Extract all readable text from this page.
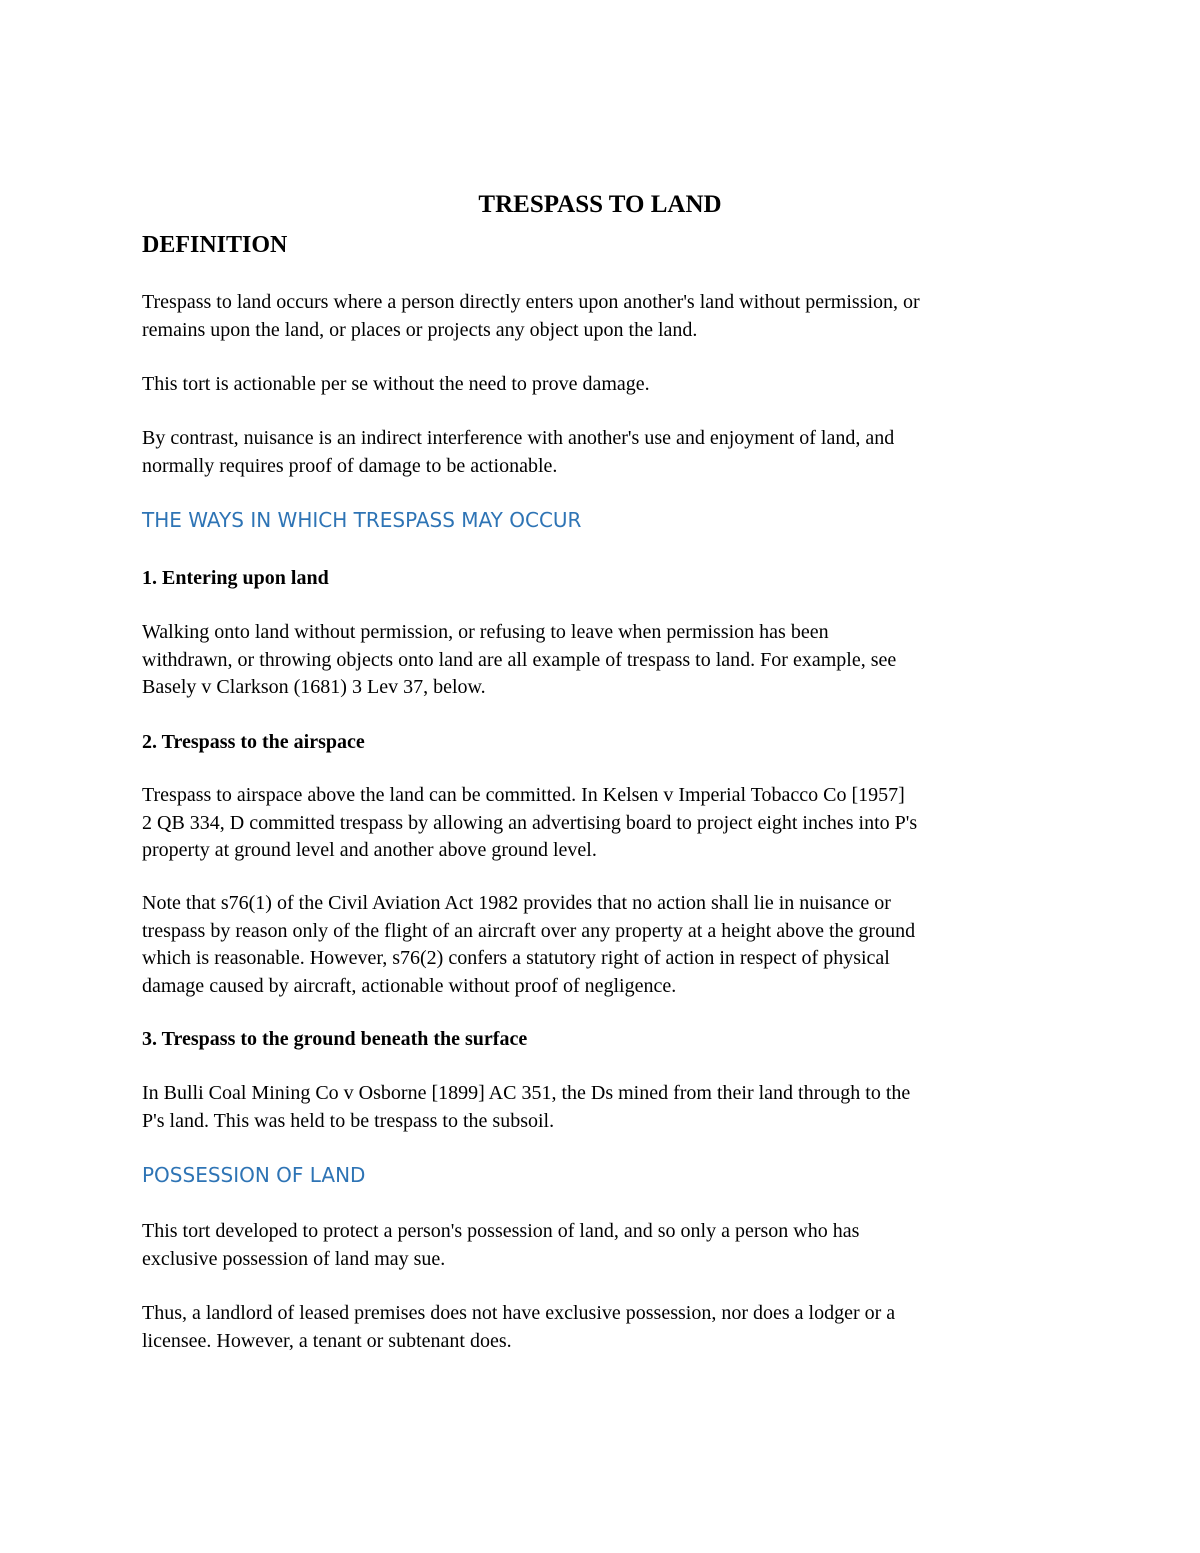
TRESPASS TO LAND
DEFINITION

Trespass to land occurs where a person directly enters upon another's land without permission, or
remains upon the land, or places or projects any object upon the land.

This tort is actionable per se without the need to prove damage.

By contrast, nuisance is an indirect interference with another's use and enjoyment of land, and
normally requires proof of damage to be actionable.

THE WAYS IN WHICH TRESPASS MAY OCCUR
1. Entering upon land

Walking onto land without permission, or refusing to leave when permission has been
withdrawn, or throwing objects onto land are all example of trespass to land. For example, see
Basely v Clarkson (1681) 3 Lev 37, below.

2. Trespass to the airspace

Trespass to airspace above the land can be committed. In Kelsen v Imperial Tobacco Co [1957]
2 QB 334, D committed trespass by allowing an advertising board to project eight inches into P's
property at ground level and another above ground level.

Note that s76(1) of the Civil Aviation Act 1982 provides that no action shall lie in nuisance or
trespass by reason only of the flight of an aircraft over any property at a height above the ground
which is reasonable. However, s76(2) confers a statutory right of action in respect of physical
damage caused by aircraft, actionable without proof of negligence.

3. Trespass to the ground beneath the surface

In Bulli Coal Mining Co v Osborne [1899] AC 351, the Ds mined from their land through to the
P's land. This was held to be trespass to the subsoil.

POSSESSION OF LAND

This tort developed to protect a person's possession of land, and so only a person who has
exclusive possession of land may sue.

Thus, a landlord of leased premises does not have exclusive possession, nor does a lodger or a
licensee. However, a tenant or subtenant does.
